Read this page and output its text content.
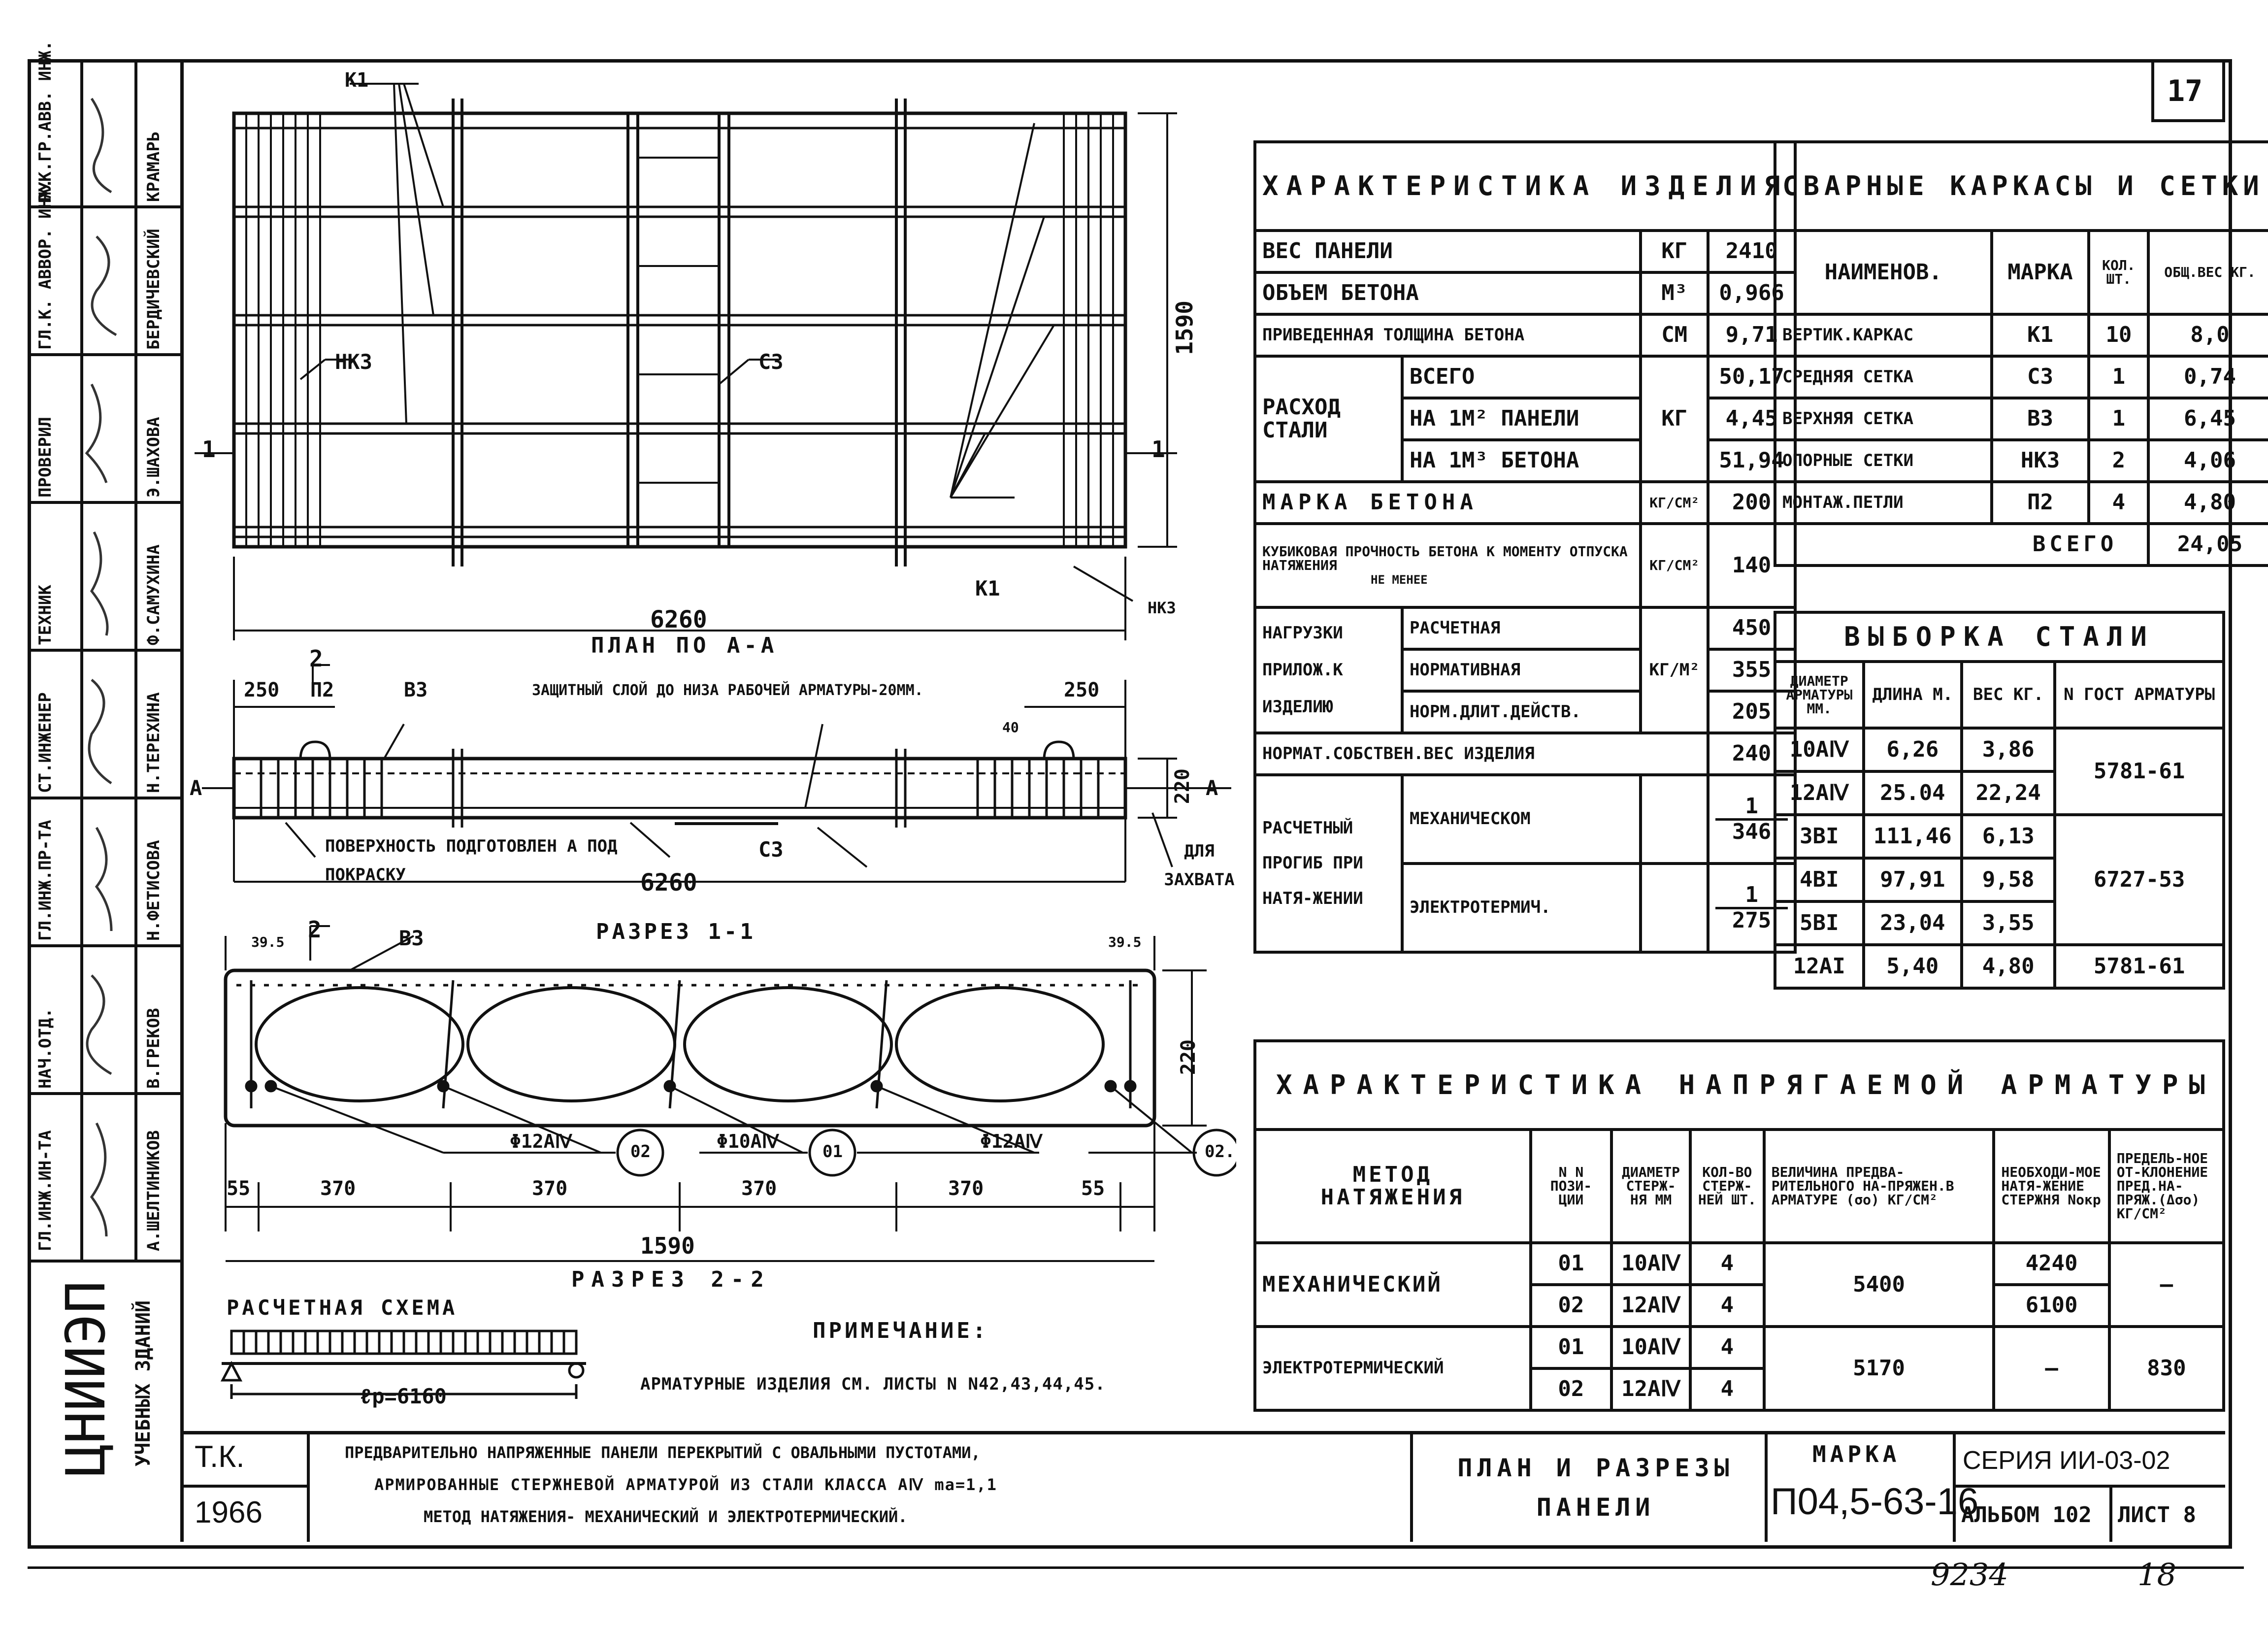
17
РУК.ГР.АВВ. ИНЖ.	КРАМАРЬ
ГЛ.К. АВВОР. ИНЖ.	БЕРДИЧЕВСКИЙ
ПРОВЕРИЛ	Э.ШАХОВА
ТЕХНИК	Ф.САМУХИНА
СТ.ИНЖЕНЕР	Н.ТЕРЕХИНА
ГЛ.ИНЖ.ПР-ТА	Н.ФЕТИСОВА
НАЧ.ОТД.	В.ГРЕКОВ
ГЛ.ИНЖ.ИН-ТА	А.ШЕЛТИНИКОВ
ЦНИИЭП УЧЕБНЫХ ЗДАНИЙ
К1
НК3	С3
К1
НК3
1590
1	1
6260
ПЛАН ПО А-А
2
250 П2	В3	ЗАЩИТНЫЙ СЛОЙ ДО НИЗА РАБОЧЕЙ АРМАТУРЫ-20ММ.	250
40
А	А
220
ПОВЕРХНОСТЬ ПОДГОТОВЛЕН А ПОД ПОКРАСКУ
С3	ДЛЯ ЗАХВАТА
6260
РАЗРЕЗ 1-1
2
39.5	В3	39.5
220
Φ12АⅣ	02	Φ10АⅣ	01	Φ12АⅣ	02.
55	370	370	370	370	55
1590
РАЗРЕЗ 2-2
РАСЧЕТНАЯ СХЕМА
ℓр=6160
ПРИМЕЧАНИЕ:
АРМАТУРНЫЕ ИЗДЕЛИЯ СМ. ЛИСТЫ N N42,43,44,45.
ХАРАКТЕРИСТИКА ИЗДЕЛИЯ			
ВЕС ПАНЕЛИ		КГ	2410
ОБЪЕМ БЕТОНА		М³	0,966
ПРИВЕДЕННАЯ ТОЛЩИНА БЕТОНА		СМ	9,71
РАСХОД СТАЛИ	ВСЕГО	КГ	50,17
	НА 1М² ПАНЕЛИ		4,45
	НА 1М³ БЕТОНА		51,94
МАРКА БЕТОНА		КГ/СМ²	200
КУБИКОВАЯ ПРОЧНОСТЬ БЕТОНА К МОМЕНТУ ОТПУСКА НАТЯЖЕНИЯ
НЕ МЕНЕЕ		КГ/СМ²	140
НАГРУЗКИ ПРИЛОЖ.К ИЗДЕЛИЮ	РАСЧЕТНАЯ	КГ/М²	450
	НОРМАТИВНАЯ		355
	НОРМ.ДЛИТ.ДЕЙСТВ.		205
НОРМАТ.СОБСТВЕН.ВЕС ИЗДЕЛИЯ			240
РАСЧЕТНЫЙ ПРОГИБ ПРИ НАТЯ-ЖЕНИИ	МЕХАНИЧЕСКОМ		1
346
	ЭЛЕКТРОТЕРМИЧ.		1
275
СВАРНЫЕ КАРКАСЫ И СЕТКИ			
НАИМЕНОВ.	МАРКА	КОЛ. ШТ.	ОБЩ.ВЕС КГ.
ВЕРТИК.КАРКАС	К1	10	8,0
СРЕДНЯЯ СЕТКА	С3	1	0,74
ВЕРХНЯЯ СЕТКА	В3	1	6,45
ОПОРНЫЕ СЕТКИ	НК3	2	4,06
МОНТАЖ.ПЕТЛИ	П2	4	4,80
ВСЕГО			24,05
ВЫБОРКА СТАЛИ			
ДИАМЕТР АРМАТУРЫ ММ.	ДЛИНА М.	ВЕС КГ.	N ГОСТ АРМАТУРЫ
10АⅣ	6,26	3,86	5781-61
12АⅣ	25.04	22,24	
3ВI	111,46	6,13	6727-53
4ВI	97,91	9,58	
5ВI	23,04	3,55	
12АI	5,40	4,80	5781-61
ХАРАКТЕРИСТИКА НАПРЯГАЕМОЙ АРМАТУРЫ						
МЕТОД НАТЯЖЕНИЯ	N N ПОЗИ-ЦИИ	ДИАМЕТР СТЕРЖ-НЯ ММ	КОЛ-ВО СТЕРЖ-НЕЙ ШТ.	ВЕЛИЧИНА ПРЕДВА-РИТЕЛЬНОГО НА-ПРЯЖЕН.В АРМАТУРЕ (σо) КГ/СМ²	НЕОБХОДИ-МОЕ НАТЯ-ЖЕНИЕ СТЕРЖНЯ Nокр	ПРЕДЕЛЬ-НОЕ ОТ-КЛОНЕНИЕ ПРЕД.НА-ПРЯЖ.(Δσо) КГ/СМ²
МЕХАНИЧЕСКИЙ	01	10АⅣ	4	5400	4240	—
	02	12АⅣ	4		6100	
ЭЛЕКТРОТЕРМИЧЕСКИЙ	01	10АⅣ	4	5170	—	830
	02	12АⅣ	4			
Т.К.
1966
ПРЕДВАРИТЕЛЬНО НАПРЯЖЕННЫЕ ПАНЕЛИ ПЕРЕКРЫТИЙ С ОВАЛЬНЫМИ ПУСТОТАМИ,
АРМИРОВАННЫЕ СТЕРЖНЕВОЙ АРМАТУРОЙ ИЗ СТАЛИ КЛАССА АⅣ mа=1,1
МЕТОД НАТЯЖЕНИЯ- МЕХАНИЧЕСКИЙ И ЭЛЕКТРОТЕРМИЧЕСКИЙ.
ПЛАН И РАЗРЕЗЫ ПАНЕЛИ
МАРКА
П04,5-63-16
СЕРИЯ ИИ-03-02
АЛЬБОМ 102 ЛИСТ 8
9234	18
